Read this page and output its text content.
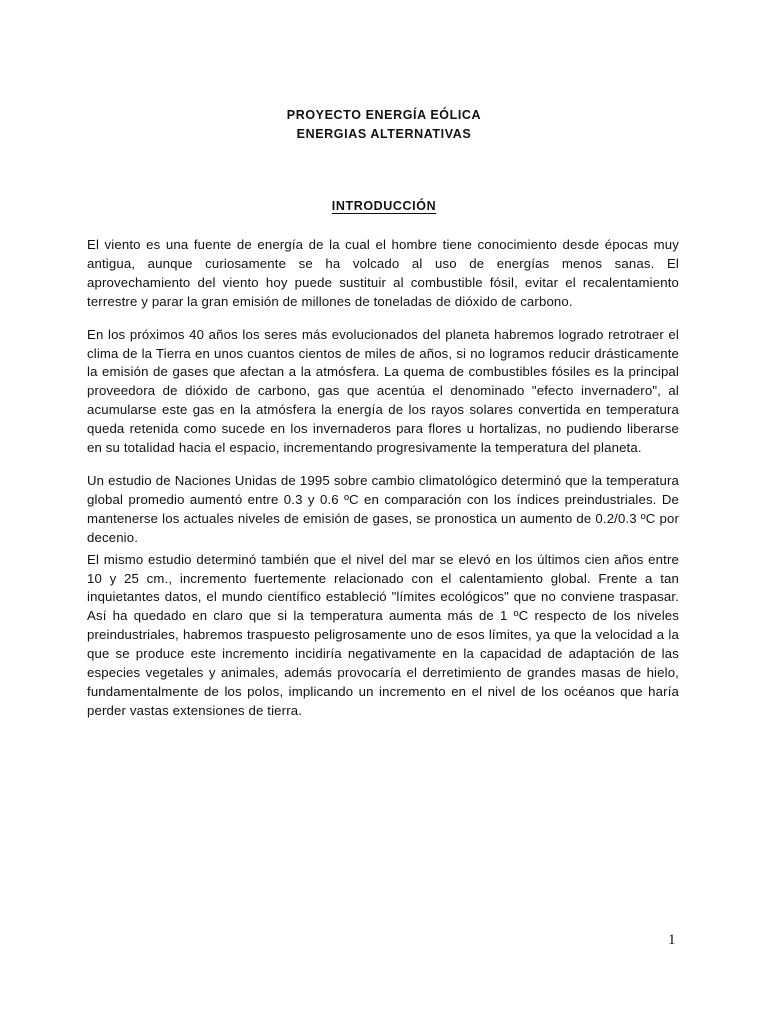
PROYECTO ENERGÍA EÓLICA
ENERGIAS ALTERNATIVAS
INTRODUCCIÓN

El viento es una fuente de energía de la cual el hombre tiene conocimiento desde épocas muy antigua, aunque curiosamente se ha volcado al uso de energías menos sanas. El aprovechamiento del viento hoy puede sustituir al combustible fósil, evitar el recalentamiento terrestre y parar la gran emisión de millones de toneladas de dióxido de carbono.

En los próximos 40 años los seres más evolucionados del planeta habremos logrado retrotraer el clima de la Tierra en unos cuantos cientos de miles de años, si no logramos reducir drásticamente la emisión de gases que afectan a la atmósfera. La quema de combustibles fósiles es la principal proveedora de dióxido de carbono, gas que acentúa el denominado "efecto invernadero", al acumularse este gas en la atmósfera la energía de los rayos solares convertida en temperatura queda retenida como sucede en los invernaderos para flores u hortalizas, no pudiendo liberarse en su totalidad hacia el espacio, incrementando progresivamente la temperatura del planeta.

Un estudio de Naciones Unidas de 1995 sobre cambio climatológico determinó que la temperatura global promedio aumentó entre 0.3 y 0.6 ºC en comparación con los índices preindustriales. De mantenerse los actuales niveles de emisión de gases, se pronostica un aumento de 0.2/0.3 ºC por decenio.

El mismo estudio determinó también que el nivel del mar se elevó en los últimos cien años entre 10 y 25 cm., incremento fuertemente relacionado con el calentamiento global. Frente a tan inquietantes datos, el mundo científico estableció "límites ecológicos" que no conviene traspasar. Así ha quedado en claro que si la temperatura aumenta más de 1 ºC respecto de los niveles preindustriales, habremos traspuesto peligrosamente uno de esos límites, ya que la velocidad a la que se produce este incremento incidiría negativamente en la capacidad de adaptación de las especies vegetales y animales, además provocaría el derretimiento de grandes masas de hielo, fundamentalmente de los polos, implicando un incremento en el nivel de los océanos que haría perder vastas extensiones de tierra.

1
